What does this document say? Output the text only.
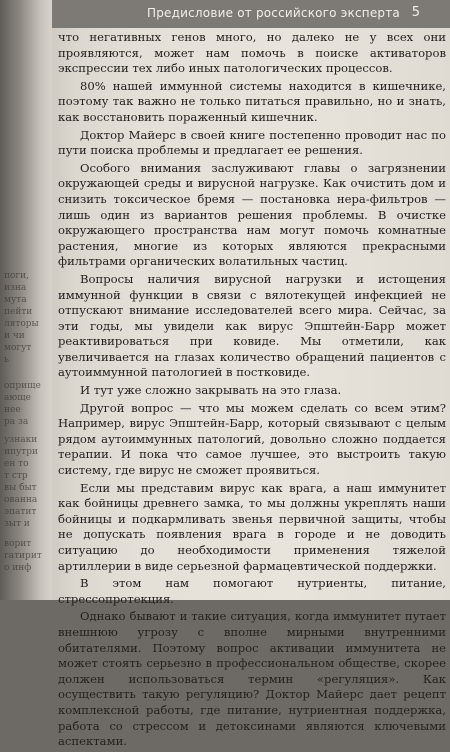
поги,
изна
мута
пейти
ляторы
и чи
могут
ь
оприще
ающе
нее
ра за
узнаки
ипутри
ен то
т стр
вы быт
ованна
эпатит
зыт и
ворит
гатирит
о инф
Предисловие от российского эксперта 5

что негативных генов много, но далеко не у всех они проявляются, может нам помочь в поиске активаторов экспрессии тех либо иных патологических процессов.

80% нашей иммунной системы находится в кишечнике, поэтому так важно не только питаться правильно, но и знать, как восстановить пораженный кишечник.

Доктор Майерс в своей книге постепенно проводит нас по пути поиска проблемы и предлагает ее решения.

Особого внимания заслуживают главы о загрязнении окружающей среды и вирусной нагрузке. Как очистить дом и снизить токсическое бремя — постановка нера-фильтров — лишь один из вариантов решения проблемы. В очистке окружающего пространства нам могут помочь комнатные растения, многие из которых являются прекрасными фильтрами органических волатильных частиц.

Вопросы наличия вирусной нагрузки и истощения иммунной функции в связи с вялотекущей инфекцией не отпускают внимание исследователей всего мира. Сейчас, за эти годы, мы увидели как вирус Эпштейн-Барр может реактивироваться при ковиде. Мы отметили, как увеличивается на глазах количество обращений пациентов с аутоиммунной патологией в постковиде.

И тут уже сложно закрывать на это глаза.

Другой вопрос — что мы можем сделать со всем этим? Например, вирус Эпштейн-Барр, который связывают с целым рядом аутоиммунных патологий, довольно сложно поддается терапии. И пока что самое лучшее, это выстроить такую систему, где вирус не сможет проявиться.

Если мы представим вирус как врага, а наш иммунитет как бойницы древнего замка, то мы должны укреплять наши бойницы и подкармливать звенья первичной защиты, чтобы не допускать появления врага в городе и не доводить ситуацию до необходимости применения тяжелой артиллерии в виде серьезной фармацевтической поддержки.

В этом нам помогают нутриенты, питание, стрессопротекция.

Однако бывают и такие ситуация, когда иммунитет путает внешнюю угрозу с вполне мирными внутренними обитателями. Поэтому вопрос активации иммунитета не может стоять серьезно в профессиональном обществе, скорее должен использоваться термин «регуляция». Как осуществить такую регуляцию? Доктор Майерс дает рецепт комплексной работы, где питание, нутриентная поддержка, работа со стрессом и детоксинами являются ключевыми аспектами.
